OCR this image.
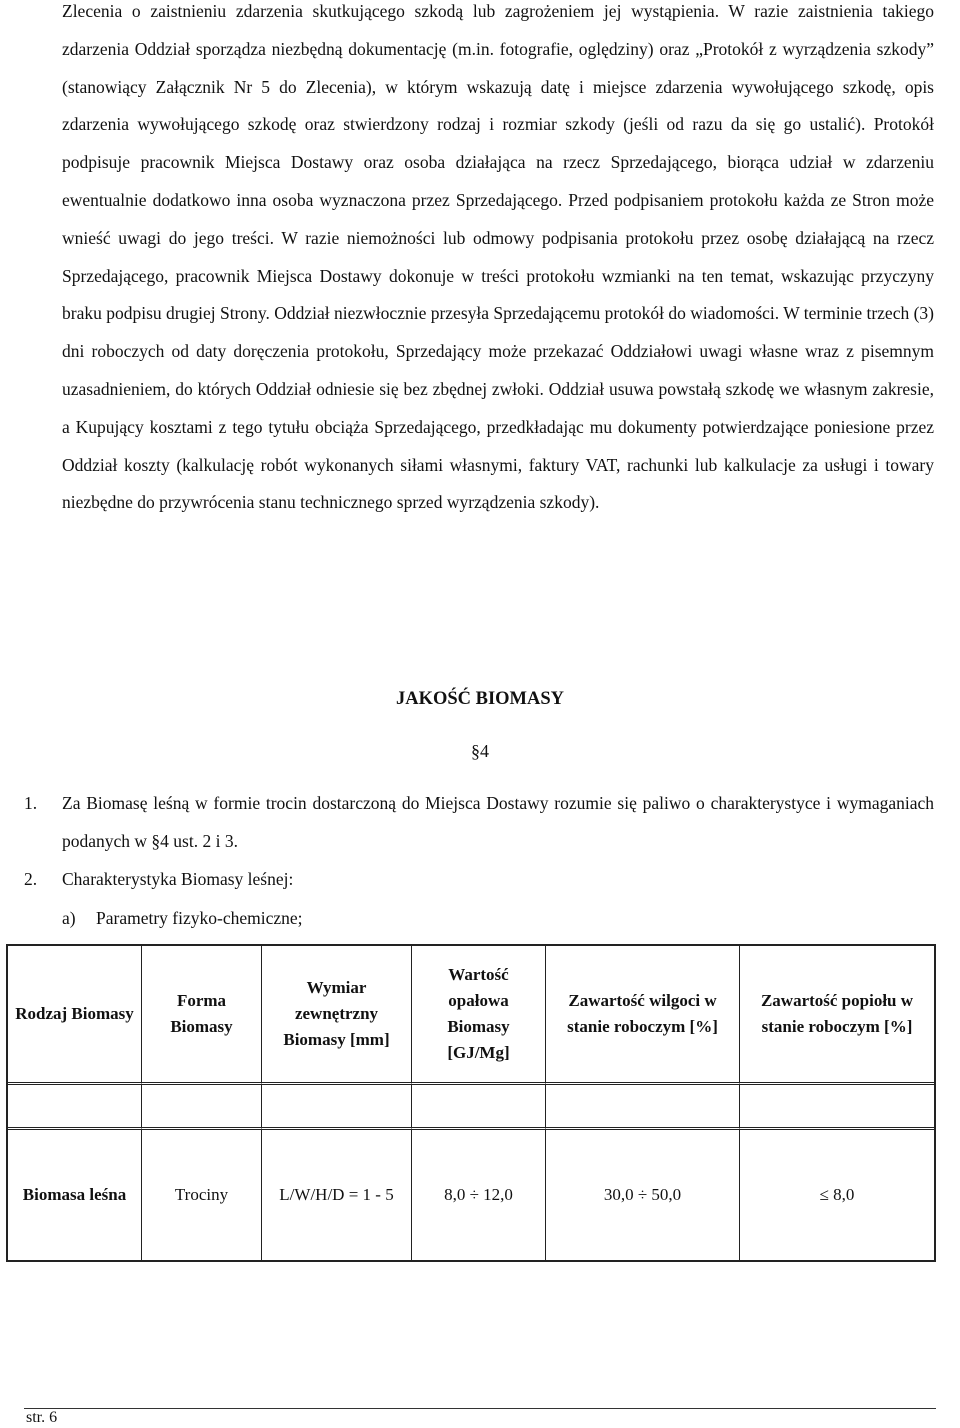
Zlecenia o zaistnieniu zdarzenia skutkującego szkodą lub zagrożeniem jej wystąpienia. W razie zaistnienia takiego zdarzenia Oddział sporządza niezbędną dokumentację (m.in. fotografie, oględziny) oraz „Protokół z wyrządzenia szkody” (stanowiący Załącznik Nr 5 do Zlecenia), w którym wskazują datę i miejsce zdarzenia wywołującego szkodę, opis zdarzenia wywołującego szkodę oraz stwierdzony rodzaj i rozmiar szkody (jeśli od razu da się go ustalić). Protokół podpisuje pracownik Miejsca Dostawy oraz osoba działająca na rzecz Sprzedającego, biorąca udział w zdarzeniu ewentualnie dodatkowo inna osoba wyznaczona przez Sprzedającego. Przed podpisaniem protokołu każda ze Stron może wnieść uwagi do jego treści. W razie niemożności lub odmowy podpisania protokołu przez osobę działającą na rzecz Sprzedającego, pracownik Miejsca Dostawy dokonuje w treści protokołu wzmianki na ten temat, wskazując przyczyny braku podpisu drugiej Strony. Oddział niezwłocznie przesyła Sprzedającemu protokół do wiadomości. W terminie trzech (3) dni roboczych od daty doręczenia protokołu, Sprzedający może przekazać Oddziałowi uwagi własne wraz z pisemnym uzasadnieniem, do których Oddział odniesie się bez zbędnej zwłoki. Oddział usuwa powstałą szkodę we własnym zakresie, a Kupujący kosztami z tego tytułu obciąża Sprzedającego, przedkładając mu dokumenty potwierdzające poniesione przez Oddział koszty (kalkulację robót wykonanych siłami własnymi, faktury VAT, rachunki lub kalkulacje za usługi i towary niezbędne do przywrócenia stanu technicznego sprzed wyrządzenia szkody).

JAKOŚĆ BIOMASY

§4

1. Za Biomasę leśną w formie trocin dostarczoną do Miejsca Dostawy rozumie się paliwo o charakterystyce i wymaganiach podanych w §4 ust. 2 i 3.

2. Charakterystyka Biomasy leśnej:

a) Parametry fizyko-chemiczne;

Rodzaj Biomasy	Forma Biomasy	Wymiar zewnętrzny Biomasy [mm]	Wartość opałowa Biomasy [GJ/Mg]	Zawartość wilgoci w stanie roboczym [%]	Zawartość popiołu w stanie roboczym [%]

Biomasa leśna	Trociny	L/W/H/D = 1 - 5	8,0 ÷ 12,0	30,0 ÷ 50,0	≤ 8,0

str. 6
